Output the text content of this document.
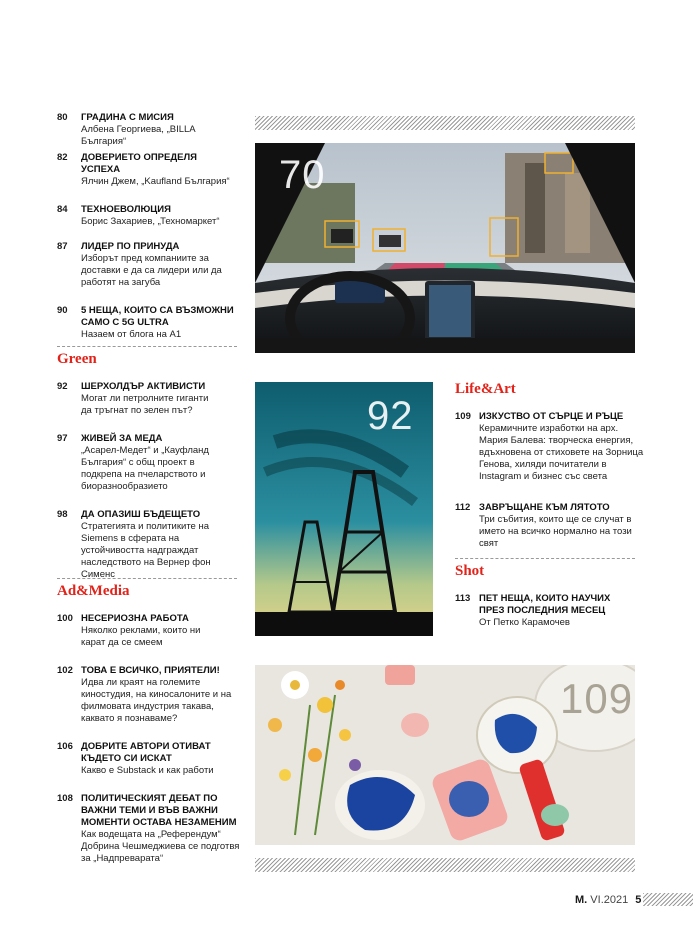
80 ГРАДИНА С МИСИЯ
Албена Георгиева, „BILLA България“
82 ДОВЕРИЕТО ОПРЕДЕЛЯ УСПЕХА
Ялчин Джем, „Kaufland България“
84 ТЕХНОЕВОЛЮЦИЯ
Борис Захариев, „Техномаркет“
87 ЛИДЕР ПО ПРИНУДА
Изборът пред компаниите за доставки е да са лидери или да работят на загуба
90 5 НЕЩА, КОИТО СА ВЪЗМОЖНИ САМО С 5G ULTRA
Назаем от блога на А1
Green
92 ШЕРХОЛДЪР АКТИВИСТИ
Могат ли петролните гиганти да тръгнат по зелен път?
97 ЖИВЕЙ ЗА МЕДА
„Асарел-Медет“ и „Кауфланд България“ с общ проект в подкрепа на пчеларството и биоразнообразието
98 ДА ОПАЗИШ БЪДЕЩЕТО
Стратегията и политиките на Siemens в сферата на устойчивостта надграждат наследството на Вернер фон Сименс
Ad&Media
100 НЕСЕРИОЗНА РАБОТА
Няколко реклами, които ни карат да се смеем
102 ТОВА Е ВСИЧКО, ПРИЯТЕЛИ!
Идва ли краят на големите киностудия, на киносалоните и на филмовата индустрия такава, каквато я познаваме?
106 ДОБРИТЕ АВТОРИ ОТИВАТ КЪДЕТО СИ ИСКАТ
Какво е Substack и как работи
108 ПОЛИТИЧЕСКИЯТ ДЕБАТ ПО ВАЖНИ ТЕМИ И ВЪВ ВАЖНИ МОМЕНТИ ОСТАВА НЕЗАМЕНИМ
Как водещата на „Референдум“ Добрина Чешмеджиева се подготвя за „Надпреварата“
70
92
Life&Art
109 ИЗКУСТВО ОТ СЪРЦЕ И РЪЦЕ
Керамичните изработки на арх. Мария Балева: творческа енергия, вдъхновена от стиховете на Зорница Генова, хиляди почитатели в Instagram и бизнес със света
112 ЗАВРЪЩАНЕ КЪМ ЛЯТОТО
Три събития, които ще се случат в името на всичко нормално на този свят
Shot
113 ПЕТ НЕЩА, КОИТО НАУЧИХ ПРЕЗ ПОСЛЕДНИЯ МЕСЕЦ
От Петко Карамочев
109
M. VI.2021 5
